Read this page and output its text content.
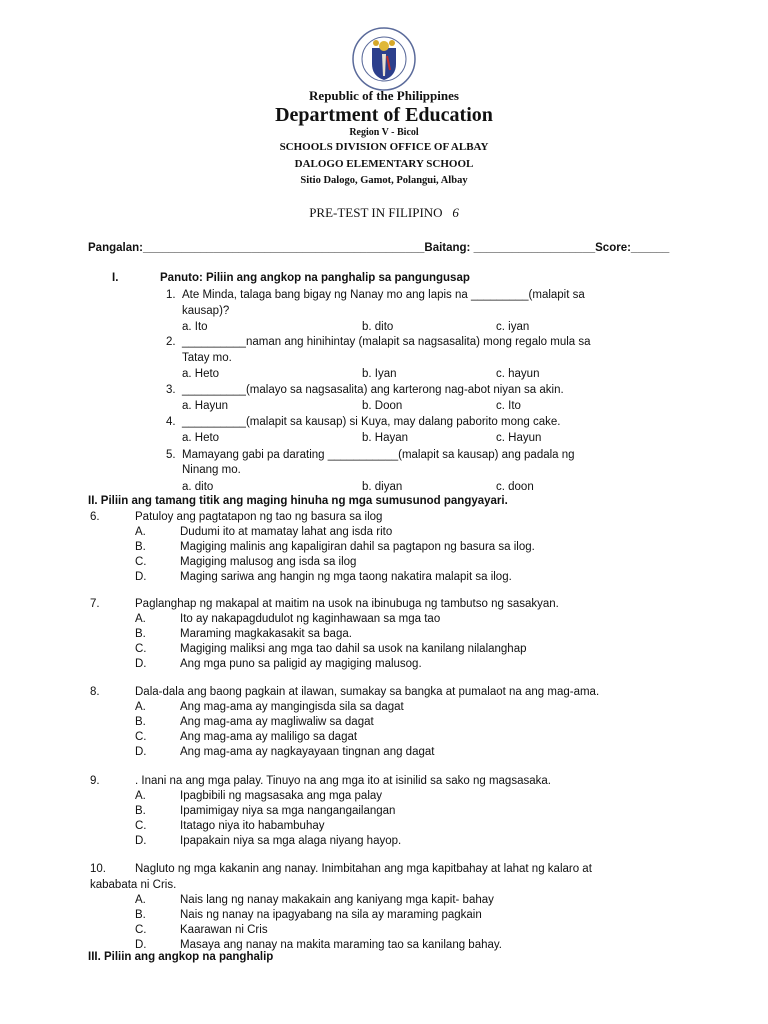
Republic of the Philippines
Department of Education
Region V - Bicol
SCHOOLS DIVISION OFFICE OF ALBAY
DALOGO ELEMENTARY SCHOOL
Sitio Dalogo, Gamot, Polangui, Albay
PRE-TEST IN FILIPINO 6
Pangalan:____________________________________________Baitang: ___________________Score:______
I.	Panuto: Piliin ang angkop na panghalip sa pangungusap
1. Ate Minda, talaga bang bigay ng Nanay mo ang lapis na _________(malapit sa
kausap)?
a. Ito	b. dito	c. iyan
2. __________naman ang hinihintay (malapit sa nagsasalita) mong regalo mula sa
Tatay mo.
a. Heto	b. Iyan	c. hayun
3. __________(malayo sa nagsasalita) ang karterong nag-abot niyan sa akin.
a. Hayun	b. Doon	c. Ito
4. __________(malapit sa kausap) si Kuya, may dalang paborito mong cake.
a. Heto	b. Hayan	c. Hayun
5. Mamayang gabi pa darating ___________(malapit sa kausap) ang padala ng
Ninang mo.
a. dito	b. diyan	c. doon
II. Piliin ang tamang titik ang maging hinuha ng mga sumusunod pangyayari.
6.	Patuloy ang pagtatapon ng tao ng basura sa ilog
A.	Dudumi ito at mamatay lahat ang isda rito
B.	Magiging malinis ang kapaligiran dahil sa pagtapon ng basura sa ilog.
C.	Magiging malusog ang isda sa ilog
D.	Maging sariwa ang hangin ng mga taong nakatira malapit sa ilog.
7.	Paglanghap ng makapal at maitim na usok na ibinubuga ng tambutso ng sasakyan.
A.	Ito ay nakapagdudulot ng kaginhawaan sa mga tao
B.	Maraming magkakasakit sa baga.
C.	Magiging maliksi ang mga tao dahil sa usok na kanilang nilalanghap
D.	Ang mga puno sa paligid ay magiging malusog.
8.	Dala-dala ang baong pagkain at ilawan, sumakay sa bangka at pumalaot na ang mag-ama.
A.	Ang mag-ama ay mangingisda sila sa dagat
B.	Ang mag-ama ay magliwaliw sa dagat
C.	Ang mag-ama ay maliligo sa dagat
D.	Ang mag-ama ay nagkayayaan tingnan ang dagat
9.	. Inani na ang mga palay. Tinuyo na ang mga ito at isinilid sa sako ng magsasaka.
A.	Ipagbibili ng magsasaka ang mga palay
B.	Ipamimigay niya sa mga nangangailangan
C.	Itatago niya ito habambuhay
D.	Ipapakain niya sa mga alaga niyang hayop.
10.	Nagluto ng mga kakanin ang nanay. Inimbitahan ang mga kapitbahay at lahat ng kalaro at
kababata ni Cris.
A.	Nais lang ng nanay makakain ang kaniyang mga kapit- bahay
B.	Nais ng nanay na ipagyabang na sila ay maraming pagkain
C.	Kaarawan ni Cris
D.	Masaya ang nanay na makita maraming tao sa kanilang bahay.
III. Piliin ang angkop na panghalip
